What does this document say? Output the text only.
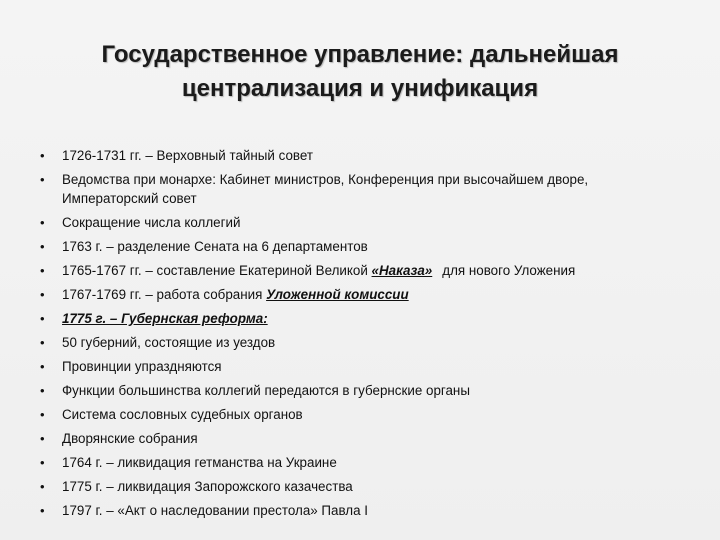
Государственное управление: дальнейшая
централизация и унификация
• 1726-1731 гг. – Верховный тайный совет
• Ведомства при монархе: Кабинет министров, Конференция при высочайшем дворе, Императорский совет
• Сокращение числа коллегий
• 1763 г. – разделение Сената на 6 департаментов
• 1765-1767 гг. – составление Екатериной Великой «Наказа» для нового Уложения
• 1767-1769 гг. – работа собрания Уложенной комиссии
• 1775 г. – Губернская реформа:
• 50 губерний, состоящие из уездов
• Провинции упраздняются
• Функции большинства коллегий передаются в губернские органы
• Система сословных судебных органов
• Дворянские собрания
• 1764 г. – ликвидация гетманства на Украине
• 1775 г. – ликвидация Запорожского казачества
• 1797 г. – «Акт о наследовании престола» Павла I
